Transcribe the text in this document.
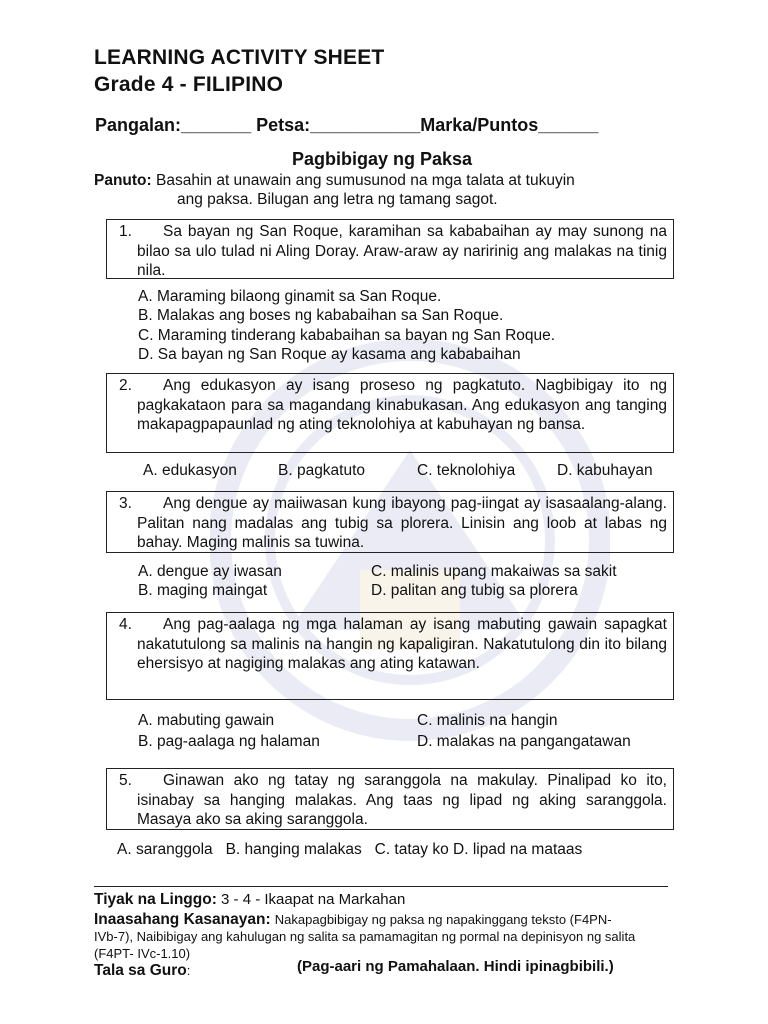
LEARNING ACTIVITY SHEET
Grade 4 - FILIPINO
Pangalan:_______ Petsa:___________Marka/Puntos______
Pagbibigay ng Paksa
Panuto: Basahin at unawain ang sumusunod na mga talata at tukuyin
ang paksa. Bilugan ang letra ng tamang sagot.
1. Sa bayan ng San Roque, karamihan sa kababaihan ay may sunong na bilao sa ulo tulad ni Aling Doray. Araw-araw ay naririnig ang malakas na tinig nila.
A. Maraming bilaong ginamit sa San Roque.
B. Malakas ang boses ng kababaihan sa San Roque.
C. Maraming tinderang kababaihan sa bayan ng San Roque.
D. Sa bayan ng San Roque ay kasama ang kababaihan
2. Ang edukasyon ay isang proseso ng pagkatuto. Nagbibigay ito ng pagkakataon para sa magandang kinabukasan. Ang edukasyon ang tanging makapagpapaunlad ng ating teknolohiya at kabuhayan ng bansa.
A. edukasyon	B. pagkatuto	C. teknolohiya	D. kabuhayan
3. Ang dengue ay maiiwasan kung ibayong pag-iingat ay isasaalang-alang. Palitan nang madalas ang tubig sa plorera. Linisin ang loob at labas ng bahay. Maging malinis sa tuwina.
A. dengue ay iwasan	C. malinis upang makaiwas sa sakit
B. maging maingat	D. palitan ang tubig sa plorera
4. Ang pag-aalaga ng mga halaman ay isang mabuting gawain sapagkat nakatutulong sa malinis na hangin ng kapaligiran. Nakatutulong din ito bilang ehersisyo at nagiging malakas ang ating katawan.
A. mabuting gawain	C. malinis na hangin
B. pag-aalaga ng halaman	D. malakas na pangangatawan
5. Ginawan ako ng tatay ng saranggola na makulay. Pinalipad ko ito, isinabay sa hanging malakas. Ang taas ng lipad ng aking saranggola. Masaya ako sa aking saranggola.
A. saranggola   B. hanging malakas   C. tatay ko D. lipad na mataas
Tiyak na Linggo: 3 - 4 - Ikaapat na Markahan
Inaasahang Kasanayan: Nakapagbibigay ng paksa ng napakinggang teksto (F4PN-
IVb-7), Naibibigay ang kahulugan ng salita sa pamamagitan ng pormal na depinisyon ng salita
(F4PT- IVc-1.10)
Tala sa Guro:	(Pag-aari ng Pamahalaan. Hindi ipinagbibili.)
